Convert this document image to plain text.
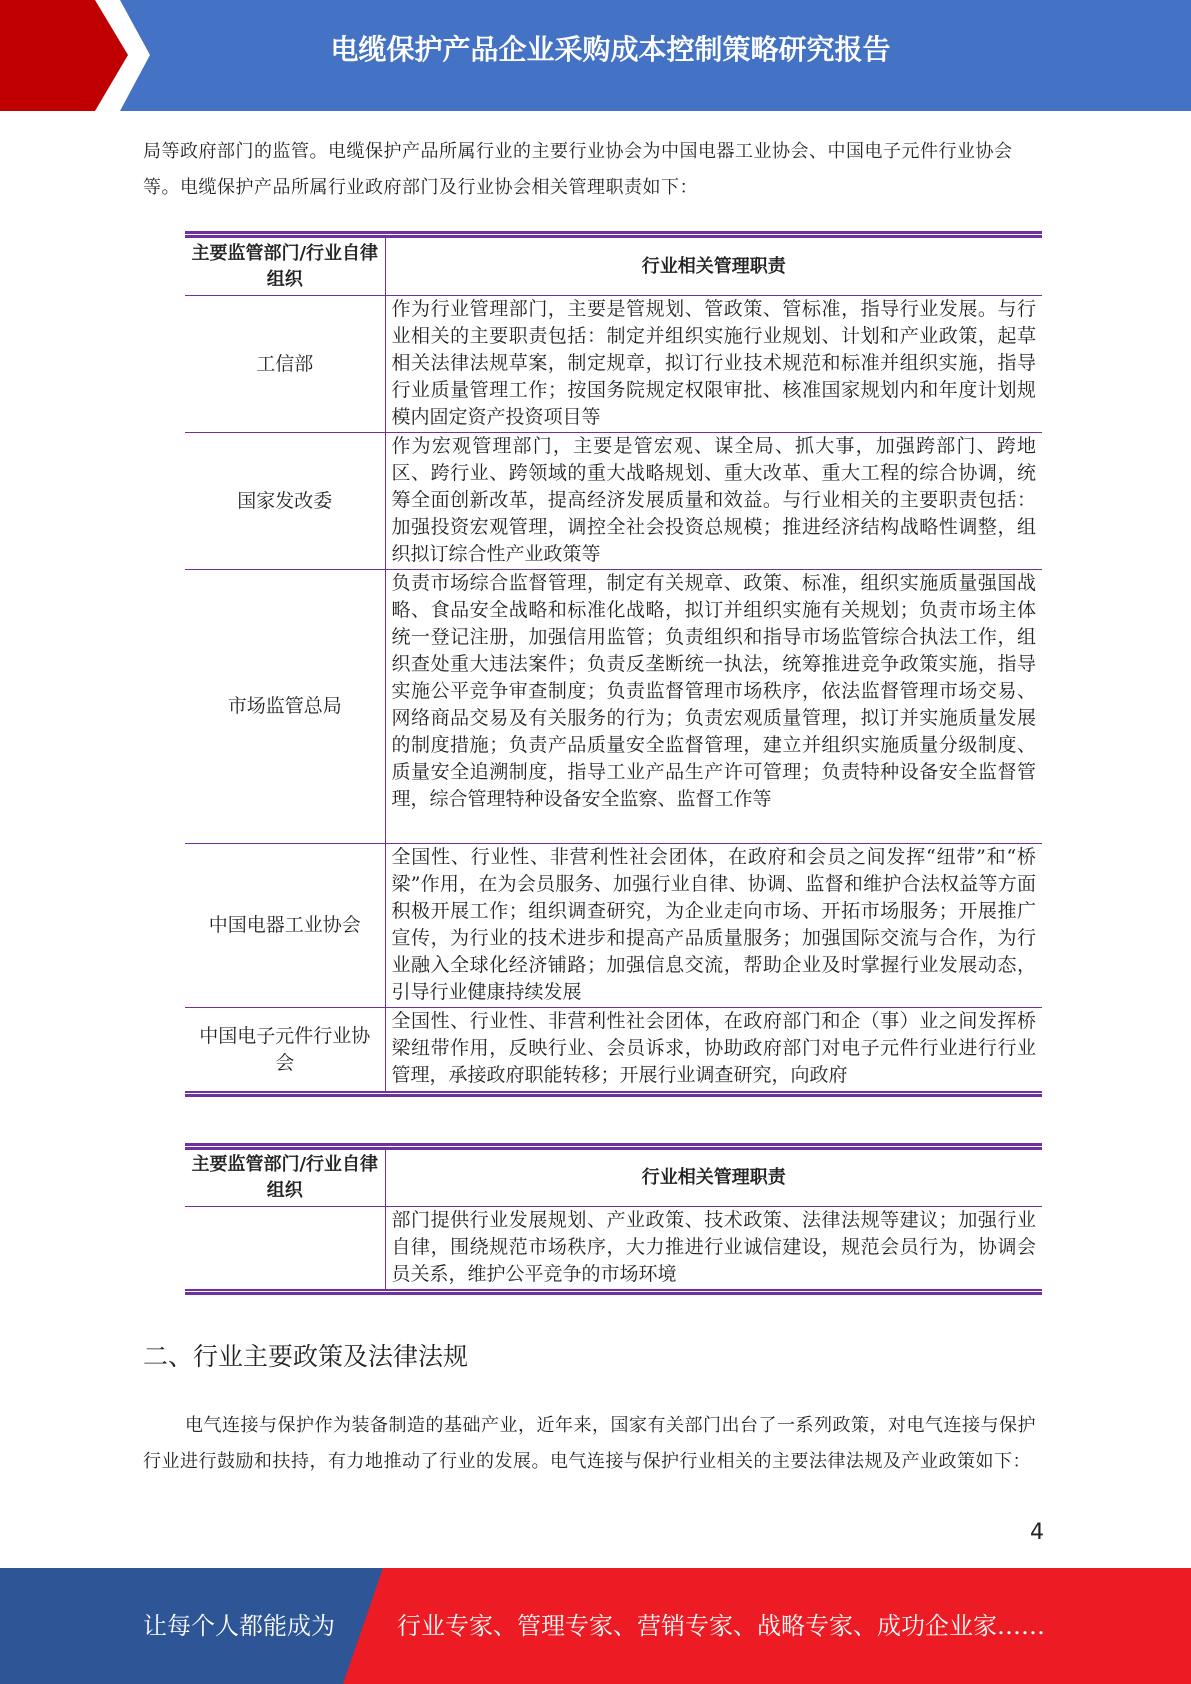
电缆保护产品企业采购成本控制策略研究报告

局等政府部门的监管。电缆保护产品所属行业的主要行业协会为中国电器工业协会、中国电子元件行业协会等。电缆保护产品所属行业政府部门及行业协会相关管理职责如下：

主要监管部门/行业自律组织	行业相关管理职责
工信部	作为行业管理部门，主要是管规划、管政策、管标准，指导行业发展。与行业相关的主要职责包括：制定并组织实施行业规划、计划和产业政策，起草相关法律法规草案，制定规章，拟订行业技术规范和标准并组织实施，指导行业质量管理工作；按国务院规定权限审批、核准国家规划内和年度计划规模内固定资产投资项目等
国家发改委	作为宏观管理部门，主要是管宏观、谋全局、抓大事，加强跨部门、跨地区、跨行业、跨领域的重大战略规划、重大改革、重大工程的综合协调，统筹全面创新改革，提高经济发展质量和效益。与行业相关的主要职责包括：加强投资宏观管理，调控全社会投资总规模；推进经济结构战略性调整，组织拟订综合性产业政策等
市场监管总局	负责市场综合监督管理，制定有关规章、政策、标准，组织实施质量强国战略、食品安全战略和标准化战略，拟订并组织实施有关规划；负责市场主体统一登记注册，加强信用监管；负责组织和指导市场监管综合执法工作，组织查处重大违法案件；负责反垄断统一执法，统筹推进竞争政策实施，指导实施公平竞争审查制度；负责监督管理市场秩序，依法监督管理市场交易、网络商品交易及有关服务的行为；负责宏观质量管理，拟订并实施质量发展的制度措施；负责产品质量安全监督管理，建立并组织实施质量分级制度、质量安全追溯制度，指导工业产品生产许可管理；负责特种设备安全监督管理，综合管理特种设备安全监察、监督工作等
中国电器工业协会	全国性、行业性、非营利性社会团体，在政府和会员之间发挥“纽带”和“桥梁”作用，在为会员服务、加强行业自律、协调、监督和维护合法权益等方面积极开展工作；组织调查研究，为企业走向市场、开拓市场服务；开展推广宣传，为行业的技术进步和提高产品质量服务；加强国际交流与合作，为行业融入全球化经济铺路；加强信息交流，帮助企业及时掌握行业发展动态，引导行业健康持续发展
中国电子元件行业协会	全国性、行业性、非营利性社会团体，在政府部门和企（事）业之间发挥桥梁纽带作用，反映行业、会员诉求，协助政府部门对电子元件行业进行行业管理，承接政府职能转移；开展行业调查研究，向政府
主要监管部门/行业自律组织	行业相关管理职责
	部门提供行业发展规划、产业政策、技术政策、法律法规等建议；加强行业自律，围绕规范市场秩序，大力推进行业诚信建设，规范会员行为，协调会员关系，维护公平竞争的市场环境
二、行业主要政策及法律法规

电气连接与保护作为装备制造的基础产业，近年来，国家有关部门出台了一系列政策，对电气连接与保护行业进行鼓励和扶持，有力地推动了行业的发展。电气连接与保护行业相关的主要法律法规及产业政策如下：

4
让每个人都能成为	行业专家、管理专家、营销专家、战略专家、成功企业家……
